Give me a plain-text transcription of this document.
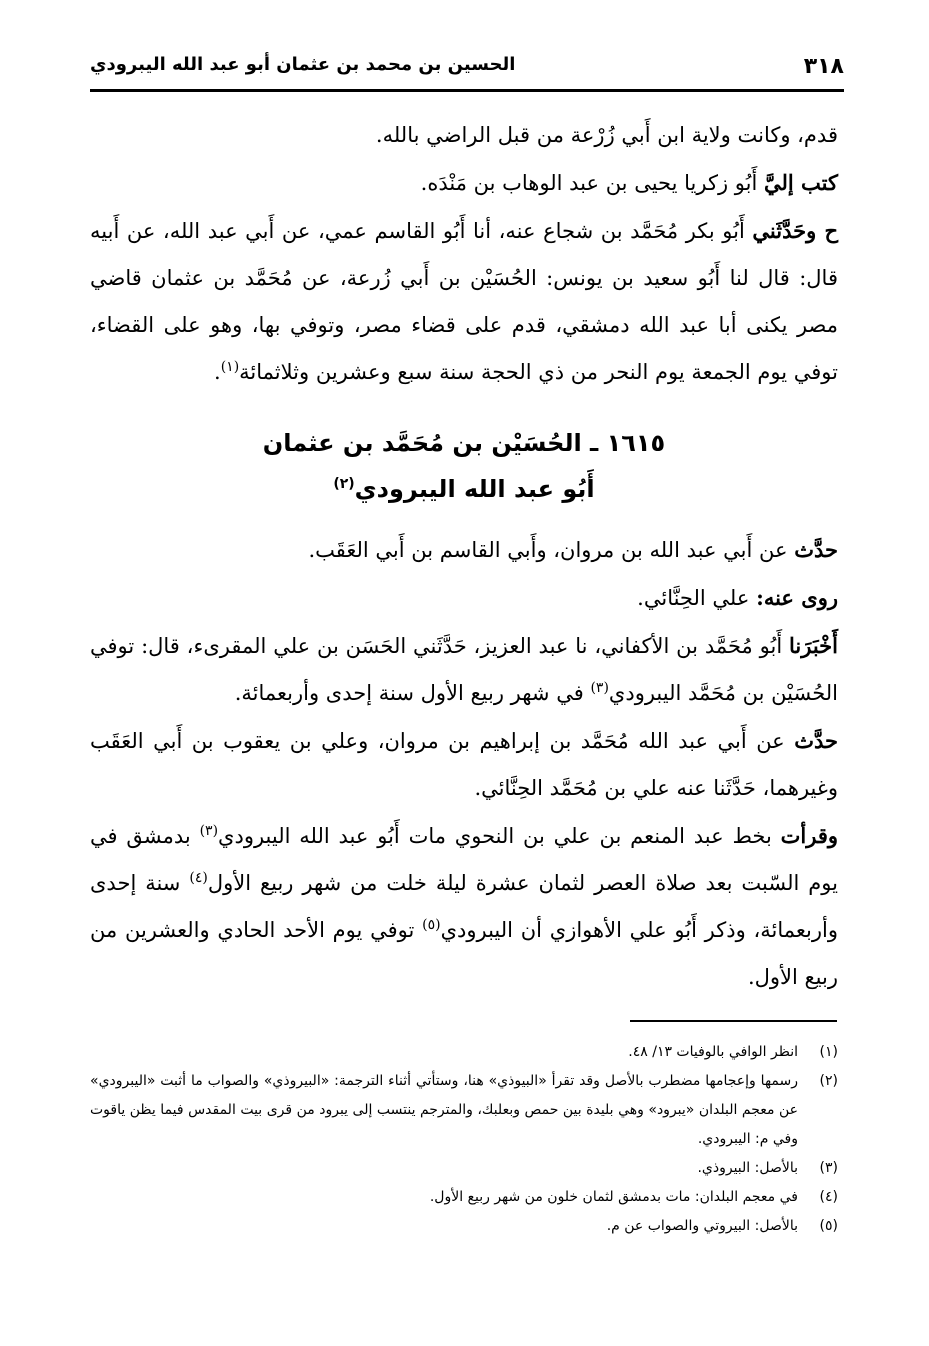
٣١٨
الحسين بن محمد بن عثمان أبو عبد الله اليبرودي

قدم، وكانت ولاية ابن أَبي زُرْعة من قبل الراضي بالله.

كتب إليَّ أَبُو زكريا يحيى بن عبد الوهاب بن مَنْدَه.

ح وحَدَّثَني أَبُو بكر مُحَمَّد بن شجاع عنه، أنا أَبُو القاسم عمي، عن أَبي عبد الله، عن أَبيه قال: قال لنا أَبُو سعيد بن يونس: الحُسَيْن بن أَبي زُرعة، عن مُحَمَّد بن عثمان قاضي مصر يكنى أبا عبد الله دمشقي، قدم على قضاء مصر، وتوفي بها، وهو على القضاء، توفي يوم الجمعة يوم النحر من ذي الحجة سنة سبع وعشرين وثلاثمائة$^{(١)}$.

١٦١٥ ـ الحُسَيْن بن مُحَمَّد بن عثمان
أَبُو عبد الله اليبرودي$^{(٢)}$

حدَّث عن أَبي عبد الله بن مروان، وأَبي القاسم بن أَبي العَقَب.

روى عنه: علي الحِنَّائي.

أَخْبَرَنا أَبُو مُحَمَّد بن الأكفاني، نا عبد العزيز، حَدَّثَني الحَسَن بن علي المقرىء، قال: توفي الحُسَيْن بن مُحَمَّد اليبرودي$^{(٣)}$ في شهر ربيع الأول سنة إحدى وأربعمائة.

حدَّث عن أَبي عبد الله مُحَمَّد بن إبراهيم بن مروان، وعلي بن يعقوب بن أَبي العَقَب وغيرهما، حَدَّثَنا عنه علي بن مُحَمَّد الحِنَّائي.

وقرأت بخط عبد المنعم بن علي بن النحوي مات أَبُو عبد الله اليبرودي$^{(٣)}$ بدمشق في يوم السّبت بعد صلاة العصر لثمان عشرة ليلة خلت من شهر ربيع الأول$^{(٤)}$ سنة إحدى وأربعمائة، وذكر أَبُو علي الأهوازي أن اليبرودي$^{(٥)}$ توفي يوم الأحد الحادي والعشرين من ربيع الأول.

(١)
انظر الوافي بالوفيات ١٣/ ٤٨.
(٢)
رسمها وإعجامها مضطرب بالأصل وقد تقرأ «البيوذي» هنا، وستأتي أثناء الترجمة: «البيروذي» والصواب ما أثبت «اليبرودي» عن معجم البلدان «يبرود» وهي بليدة بين حمص وبعلبك، والمترجم ينتسب إلى يبرود من قرى بيت المقدس فيما يظن ياقوت وفي م: اليبرودي.
(٣)
بالأصل: البيروذي.
(٤)
في معجم البلدان: مات بدمشق لثمان خلون من شهر ربيع الأول.
(٥)
بالأصل: البيروتي والصواب عن م.
